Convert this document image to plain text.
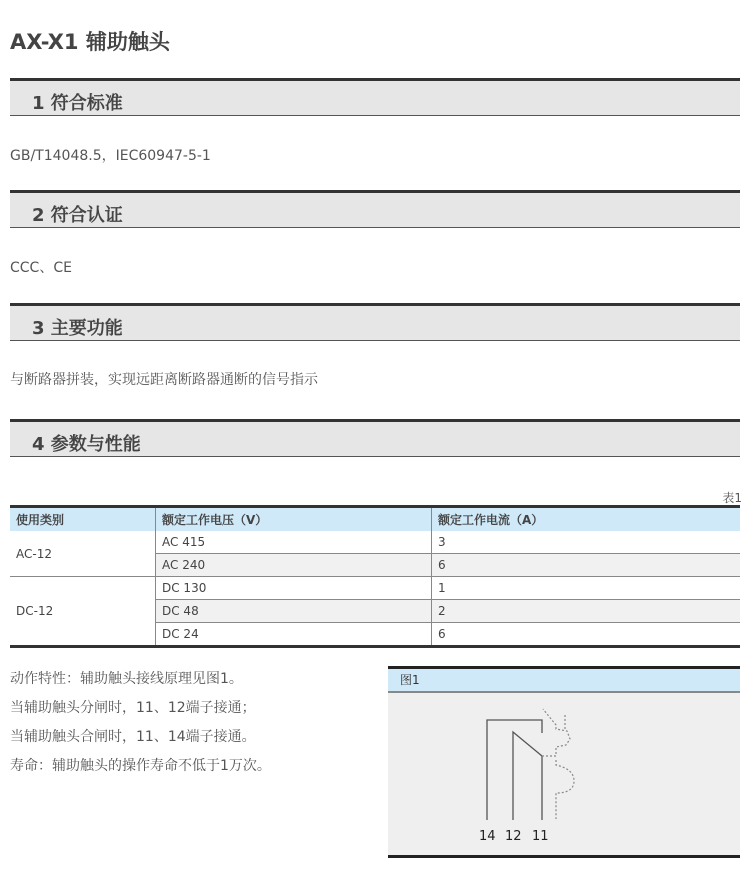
AX-X1 辅助触头
1 符合标准
GB/T14048.5，IEC60947-5-1
2 符合认证
CCC、CE
3 主要功能
与断路器拼装，实现远距离断路器通断的信号指示
4 参数与性能
表1
使用类别	额定工作电压（V）	额定工作电流（A）
AC-12	AC 415	3
	AC 240	6
DC-12	DC 130	1
	DC 48	2
	DC 24	6
动作特性：辅助触头接线原理见图1。
当辅助触头分闸时，11、12端子接通；
当辅助触头合闸时，11、14端子接通。
寿命：辅助触头的操作寿命不低于1万次。
图1
14 12 11
